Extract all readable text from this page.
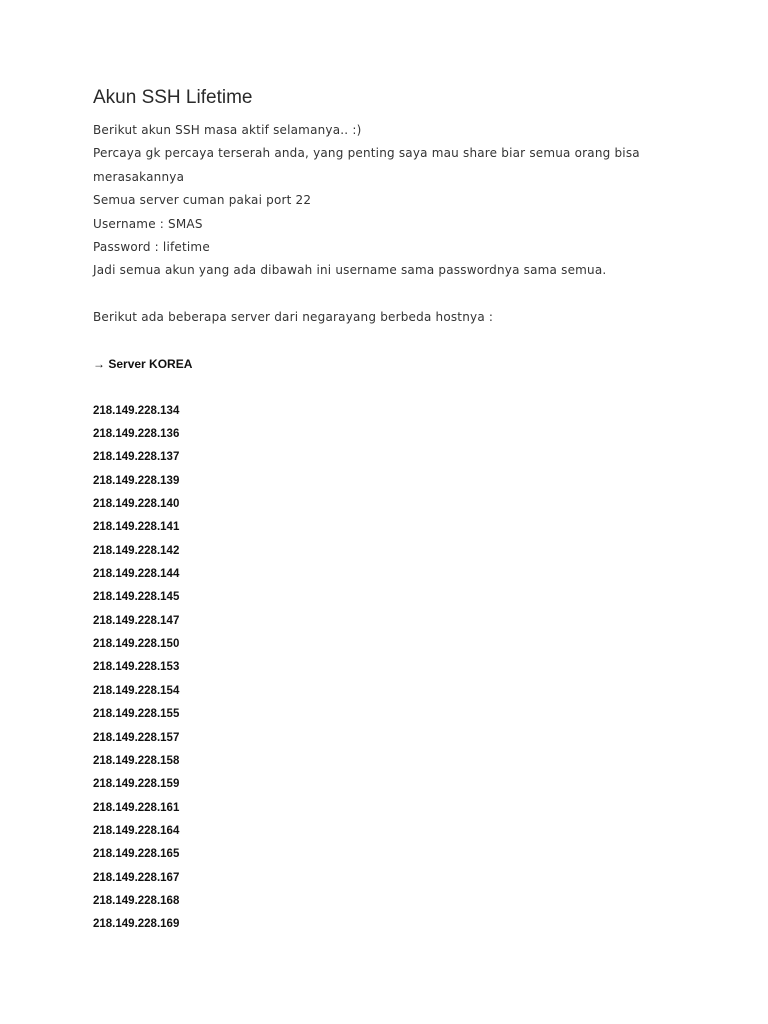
Akun SSH Lifetime
Berikut akun SSH masa aktif selamanya.. :)
Percaya gk percaya terserah anda, yang penting saya mau share biar semua orang bisa
merasakannya
Semua server cuman pakai port 22
Username : SMAS
Password : lifetime
Jadi semua akun yang ada dibawah ini username sama passwordnya sama semua.
Berikut ada beberapa server dari negarayang berbeda hostnya :
→ Server KOREA
218.149.228.134
218.149.228.136
218.149.228.137
218.149.228.139
218.149.228.140
218.149.228.141
218.149.228.142
218.149.228.144
218.149.228.145
218.149.228.147
218.149.228.150
218.149.228.153
218.149.228.154
218.149.228.155
218.149.228.157
218.149.228.158
218.149.228.159
218.149.228.161
218.149.228.164
218.149.228.165
218.149.228.167
218.149.228.168
218.149.228.169
